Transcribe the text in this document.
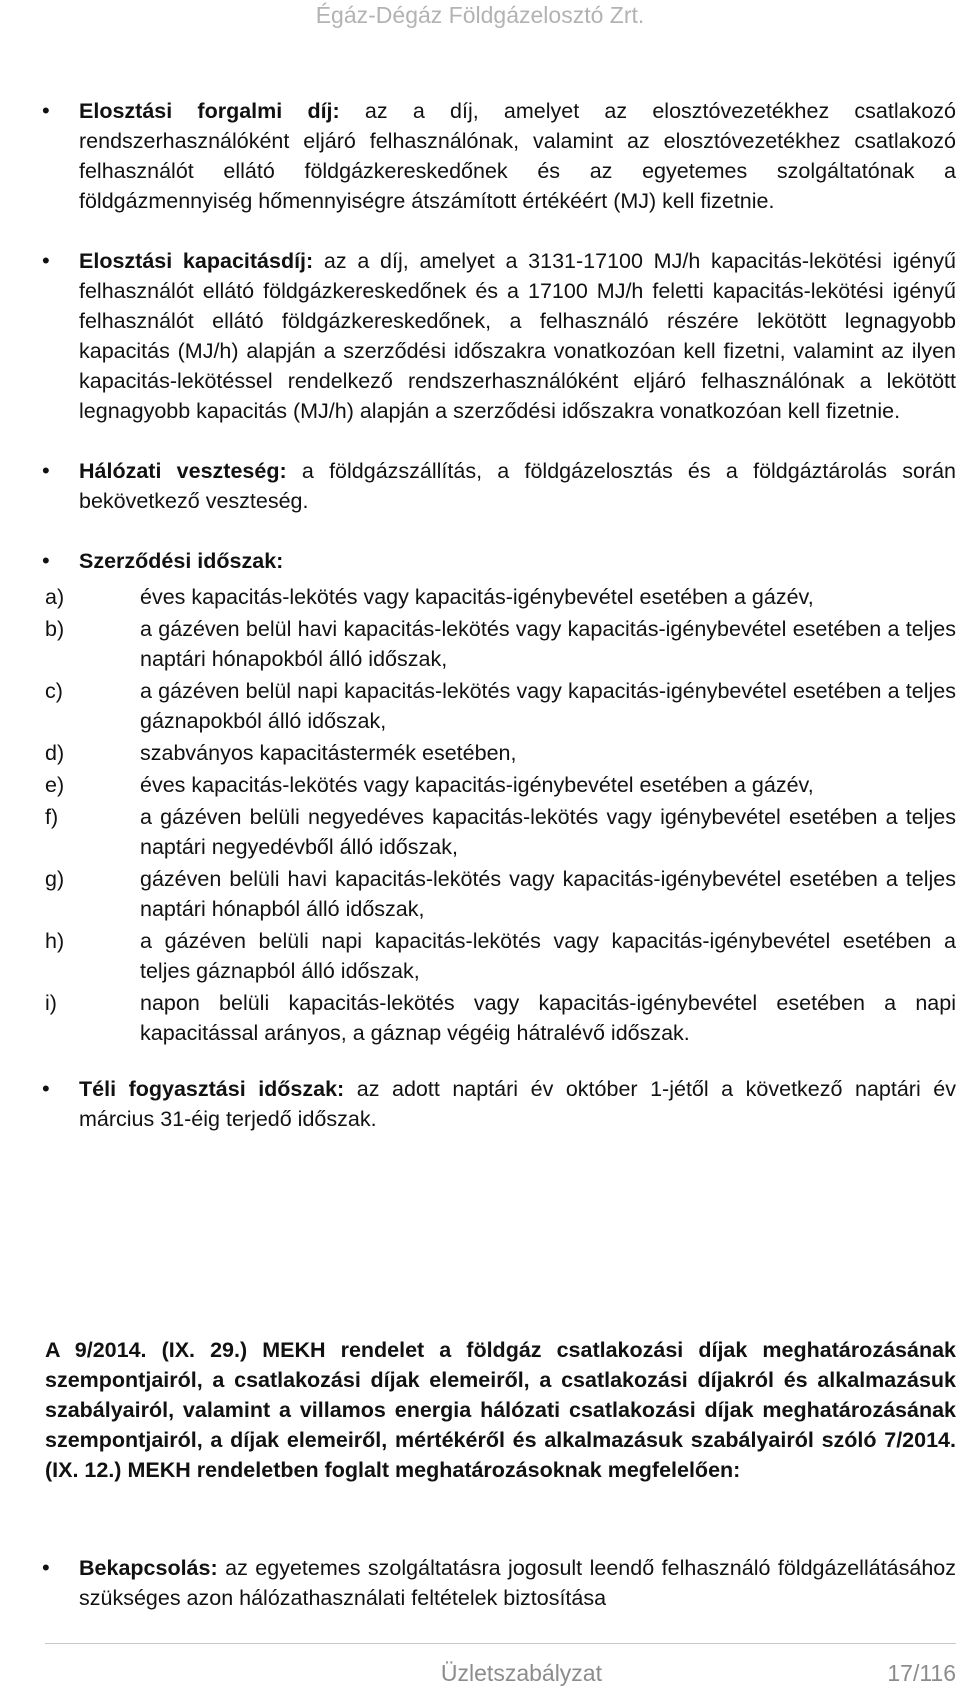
Égáz-Dégáz Földgázelosztó Zrt.
• Elosztási forgalmi díj: az a díj, amelyet az elosztóvezetékhez csatlakozó rendszerhasználóként eljáró felhasználónak, valamint az elosztóvezetékhez csatlakozó felhasználót ellátó földgázkereskedőnek és az egyetemes szolgáltatónak a földgázmennyiség hőmennyiségre átszámított értékéért (MJ) kell fizetnie.
• Elosztási kapacitásdíj: az a díj, amelyet a 3131-17100 MJ/h kapacitás-lekötési igényű felhasználót ellátó földgázkereskedőnek és a 17100 MJ/h feletti kapacitás-lekötési igényű felhasználót ellátó földgázkereskedőnek, a felhasználó részére lekötött legnagyobb kapacitás (MJ/h) alapján a szerződési időszakra vonatkozóan kell fizetni, valamint az ilyen kapacitás-lekötéssel rendelkező rendszerhasználóként eljáró felhasználónak a lekötött legnagyobb kapacitás (MJ/h) alapján a szerződési időszakra vonatkozóan kell fizetnie.
• Hálózati veszteség: a földgázszállítás, a földgázelosztás és a földgáztárolás során bekövetkező veszteség.
• Szerződési időszak:
a)	éves kapacitás-lekötés vagy kapacitás-igénybevétel esetében a gázév,
b)	a gázéven belül havi kapacitás-lekötés vagy kapacitás-igénybevétel esetében a teljes naptári hónapokból álló időszak,
c)	a gázéven belül napi kapacitás-lekötés vagy kapacitás-igénybevétel esetében a teljes gáznapokból álló időszak,
d)	szabványos kapacitástermék esetében,
e)	éves kapacitás-lekötés vagy kapacitás-igénybevétel esetében a gázév,
f)	a gázéven belüli negyedéves kapacitás-lekötés vagy igénybevétel esetében a teljes naptári negyedévből álló időszak,
g)	gázéven belüli havi kapacitás-lekötés vagy kapacitás-igénybevétel esetében a teljes naptári hónapból álló időszak,
h)	a gázéven belüli napi kapacitás-lekötés vagy kapacitás-igénybevétel esetében a teljes gáznapból álló időszak,
i)	napon belüli kapacitás-lekötés vagy kapacitás-igénybevétel esetében a napi kapacitással arányos, a gáznap végéig hátralévő időszak.
• Téli fogyasztási időszak: az adott naptári év október 1-jétől a következő naptári év március 31-éig terjedő időszak.
A 9/2014. (IX. 29.) MEKH rendelet a földgáz csatlakozási díjak meghatározásának szempontjairól, a csatlakozási díjak elemeiről, a csatlakozási díjakról és alkalmazásuk szabályairól, valamint a villamos energia hálózati csatlakozási díjak meghatározásának szempontjairól, a díjak elemeiről, mértékéről és alkalmazásuk szabályairól szóló 7/2014. (IX. 12.) MEKH rendeletben foglalt meghatározásoknak megfelelően:
• Bekapcsolás: az egyetemes szolgáltatásra jogosult leendő felhasználó földgázellátásához szükséges azon hálózathasználati feltételek biztosítása
Üzletszabályzat	17/116
